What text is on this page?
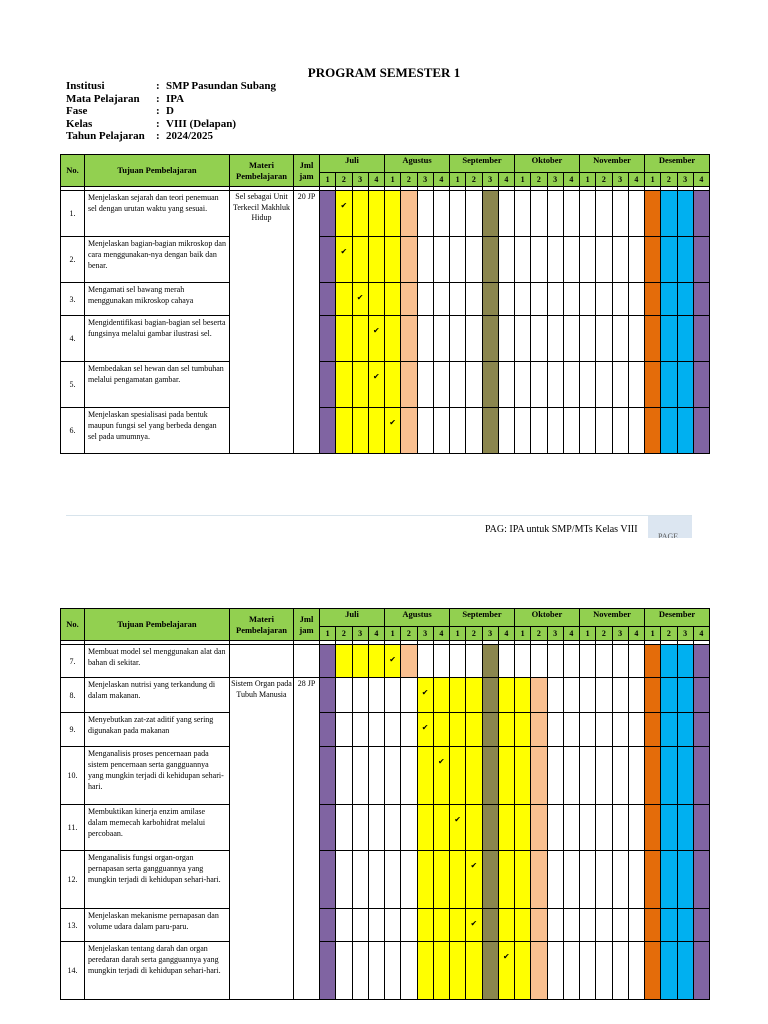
PROGRAM SEMESTER 1
Institusi	: SMP Pasundan Subang
Mata Pelajaran	: IPA
Fase	: D
Kelas	: VIII (Delapan)
Tahun Pelajaran	: 2024/2025
No.	Tujuan Pembelajaran	Materi Pembelajaran	Jml jam	Juli				Agustus				September				Oktober				November				Desember			
				1	2	3	4	1	2	3	4	1	2	3	4	1	2	3	4	1	2	3	4	1	2	3	4

1.	Menjelaskan sejarah dan teori penemuan sel dengan urutan waktu yang sesuai.	Sel sebagai Unit Terkecil Makhluk Hidup	20 JP		✔																						
2.	Menjelaskan bagian-bagian mikroskop dan cara menggunakan-nya dengan baik dan benar.				✔																						
3.	Mengamati sel bawang merah menggunakan mikroskop cahaya					✔																					
4.	Mengidentifikasi bagian-bagian sel beserta fungsinya melalui gambar ilustrasi sel.						✔																				
5.	Membedakan sel hewan dan sel tumbuhan melalui pengamatan gambar.						✔																				
6.	Menjelaskan spesialisasi pada bentuk maupun fungsi sel yang berbeda dengan sel pada umumnya.							✔																			
PAG: IPA untuk SMP/MTs Kelas VIII
PAGE
No.	Tujuan Pembelajaran	Materi Pembelajaran	Jml jam	Juli				Agustus				September				Oktober				November				Desember			
				1	2	3	4	1	2	3	4	1	2	3	4	1	2	3	4	1	2	3	4	1	2	3	4

7.	Membuat model sel menggunakan alat dan bahan di sekitar.							✔																			
8.	Menjelaskan nutrisi yang terkandung di dalam makanan.	Sistem Organ pada Tubuh Manusia	28 JP							✔																	
9.	Menyebutkan zat-zat aditif yang sering digunakan pada makanan									✔																	
10.	Menganalisis proses pencernaan pada sistem pencernaan serta gangguannya yang mungkin terjadi di kehidupan sehari-hari.										✔																
11.	Membuktikan kinerja enzim amilase dalam memecah karbohidrat melalui percobaan.											✔															
12.	Menganalisis fungsi organ-organ pernapasan serta gangguannya yang mungkin terjadi di kehidupan sehari-hari.												✔														
13.	Menjelaskan mekanisme pernapasan dan volume udara dalam paru-paru.												✔														
14.	Menjelaskan tentang darah dan organ peredaran darah serta gangguannya yang mungkin terjadi di kehidupan sehari-hari.														✔												
